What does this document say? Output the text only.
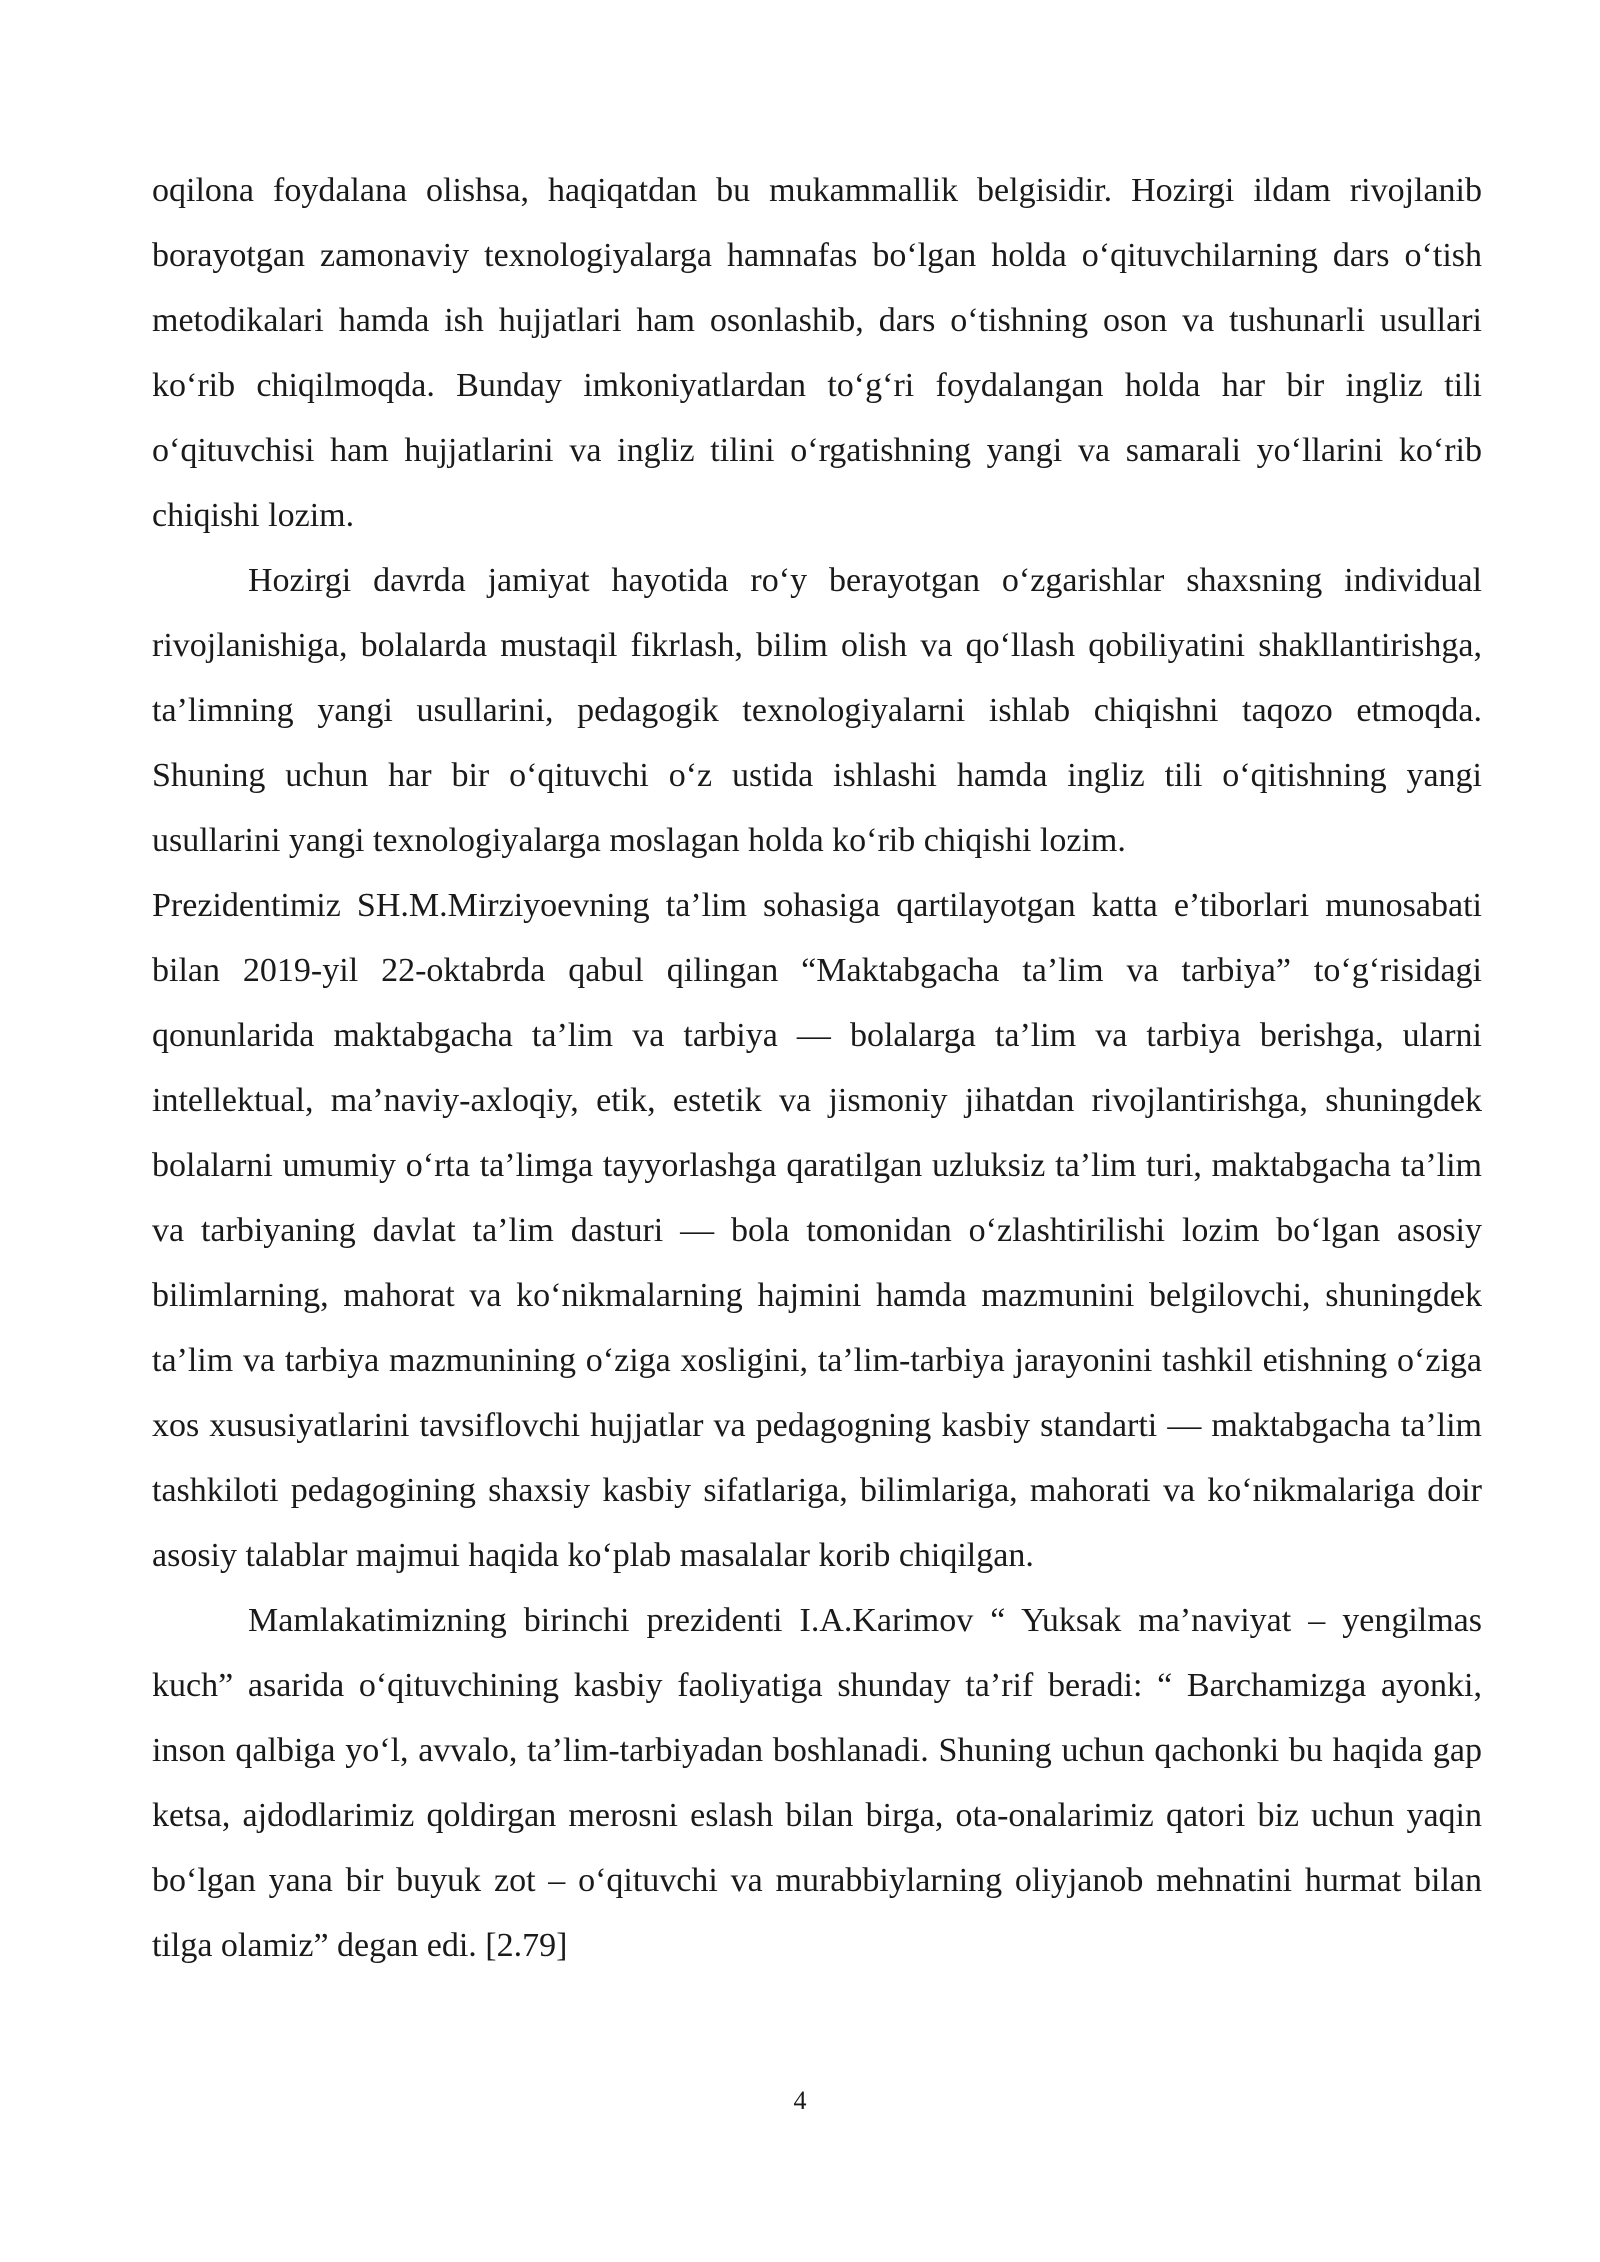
oqilona foydalana olishsa, haqiqatdan bu mukammallik belgisidir. Hozirgi ildam rivojlanib borayotgan zamonaviy texnologiyalarga hamnafas bo‘lgan holda o‘qituvchilarning dars o‘tish metodikalari hamda ish hujjatlari ham osonlashib, dars o‘tishning oson va tushunarli usullari ko‘rib chiqilmoqda. Bunday imkoniyatlardan to‘g‘ri foydalangan holda har bir ingliz tili o‘qituvchisi ham hujjatlarini va ingliz tilini o‘rgatishning yangi va samarali yo‘llarini ko‘rib chiqishi lozim.

Hozirgi davrda jamiyat hayotida ro‘y berayotgan o‘zgarishlar shaxsning individual rivojlanishiga, bolalarda mustaqil fikrlash, bilim olish va qo‘llash qobiliyatini shakllantirishga, ta’limning yangi usullarini, pedagogik texnologiyalarni ishlab chiqishni taqozo etmoqda. Shuning uchun har bir o‘qituvchi o‘z ustida ishlashi hamda ingliz tili o‘qitishning yangi usullarini yangi texnologiyalarga moslagan holda ko‘rib chiqishi lozim.

Prezidentimiz SH.M.Mirziyoevning ta’lim sohasiga qartilayotgan katta e’tiborlari munosabati bilan 2019-yil 22-oktabrda qabul qilingan “Maktabgacha ta’lim va tarbiya” to‘g‘risidagi qonunlarida maktabgacha ta’lim va tarbiya — bolalarga ta’lim va tarbiya berishga, ularni intellektual, ma’naviy-axloqiy, etik, estetik va jismoniy jihatdan rivojlantirishga, shuningdek bolalarni umumiy o‘rta ta’limga tayyorlashga qaratilgan uzluksiz ta’lim turi, maktabgacha ta’lim va tarbiyaning davlat ta’lim dasturi — bola tomonidan o‘zlashtirilishi lozim bo‘lgan asosiy bilimlarning, mahorat va ko‘nikmalarning hajmini hamda mazmunini belgilovchi, shuningdek ta’lim va tarbiya mazmunining o‘ziga xosligini, ta’lim-tarbiya jarayonini tashkil etishning o‘ziga xos xususiyatlarini tavsiflovchi hujjatlar va pedagogning kasbiy standarti — maktabgacha ta’lim tashkiloti pedagogining shaxsiy kasbiy sifatlariga, bilimlariga, mahorati va ko‘nikmalariga doir asosiy talablar majmui haqida ko‘plab masalalar korib chiqilgan.

Mamlakatimizning birinchi prezidenti I.A.Karimov “ Yuksak ma’naviyat – yengilmas kuch” asarida o‘qituvchining kasbiy faoliyatiga shunday ta’rif beradi: “ Barchamizga ayonki, inson qalbiga yo‘l, avvalo, ta’lim-tarbiyadan boshlanadi. Shuning uchun qachonki bu haqida gap ketsa, ajdodlarimiz qoldirgan merosni eslash bilan birga, ota-onalarimiz qatori biz uchun yaqin bo‘lgan yana bir buyuk zot – o‘qituvchi va murabbiylarning oliyjanob mehnatini hurmat bilan tilga olamiz” degan edi. [2.79]

4
